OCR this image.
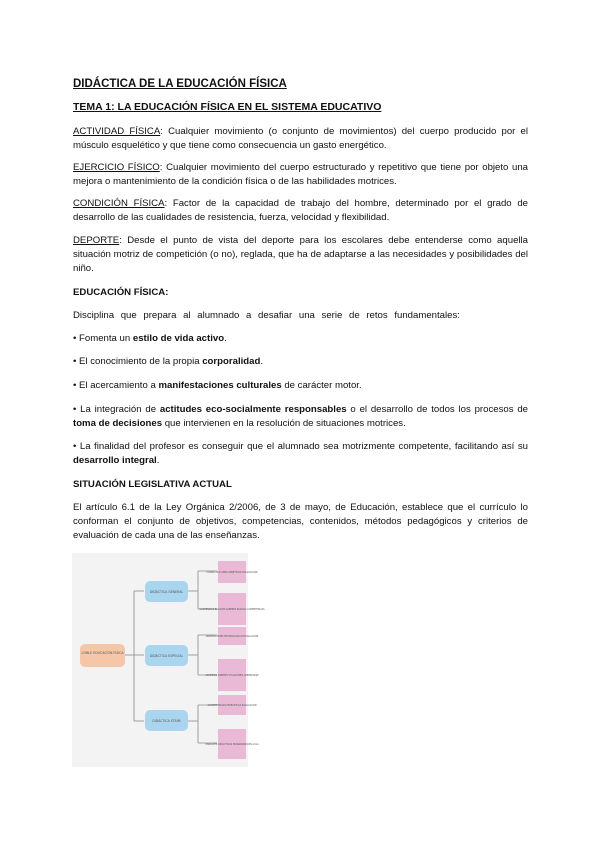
DIDÁCTICA DE LA EDUCACIÓN FÍSICA

TEMA 1: LA EDUCACIÓN FÍSICA EN EL SISTEMA EDUCATIVO

ACTIVIDAD FÍSICA: Cualquier movimiento (o conjunto de movimientos) del cuerpo producido por el músculo esquelético y que tiene como consecuencia un gasto energético.

EJERCICIO FÍSICO: Cualquier movimiento del cuerpo estructurado y repetitivo que tiene por objeto una mejora o mantenimiento de la condición física o de las habilidades motrices.

CONDICIÓN FÍSICA: Factor de la capacidad de trabajo del hombre, determinado por el grado de desarrollo de las cualidades de resistencia, fuerza, velocidad y flexibilidad.

DEPORTE: Desde el punto de vista del deporte para los escolares debe entenderse como aquella situación motriz de competición (o no), reglada, que ha de adaptarse a las necesidades y posibilidades del niño.

EDUCACIÓN FÍSICA:

Disciplina que prepara al alumnado a desafiar una serie de retos fundamentales:

• Fomenta un estilo de vida activo.

• El conocimiento de la propia corporalidad.

• El acercamiento a manifestaciones culturales de carácter motor.

• La integración de actitudes eco-socialmente responsables o el desarrollo de todos los procesos de toma de decisiones que intervienen en la resolución de situaciones motrices.

• La finalidad del profesor es conseguir que el alumnado sea motrizmente competente, facilitando así su desarrollo integral.

SITUACIÓN LEGISLATIVA ACTUAL

El artículo 6.1 de la Ley Orgánica 2/2006, de 3 de mayo, de Educación, establece que el currículo lo conforman el conjunto de objetivos, competencias, contenidos, métodos pedagógicos y criterios de evaluación de cada una de las enseñanzas.

LOMLE EDUCACIÓN FÍSICA
DIDÁCTICA GENERAL
DIDÁCTICA ESPECIAL
DIDÁCTICA ETAPA
CURRÍCULO ÁREA OBJETIVOS EVALUACIÓN
CONTENIDOS BLOQUES SABERES BÁSICOS COMPETENCIAS
ORIENTACIONES METODOLÓGICAS EVALUACIÓN
CRITERIOS SABERES SITUACIONES APRENDIZAJE
COMPETENCIAS ESPECÍFICAS EVALUACIÓN
UNIDADES DIDÁCTICAS PROGRAMACIÓN AULA
